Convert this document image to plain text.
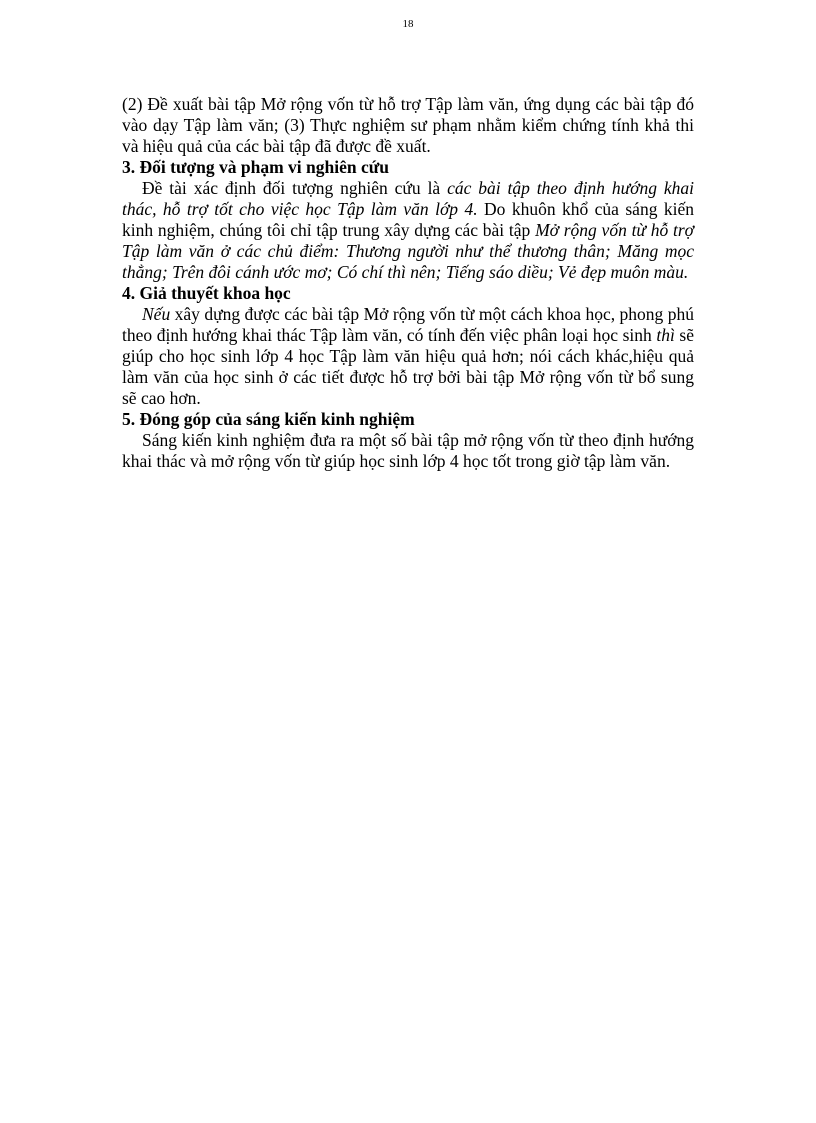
18

(2) Đề xuất bài tập Mở rộng vốn từ hỗ trợ Tập làm văn, ứng dụng các bài tập đó vào dạy Tập làm văn; (3) Thực nghiệm sư phạm nhằm kiểm chứng tính khả thi và hiệu quả của các bài tập đã được đề xuất.

3. Đối tượng và phạm vi nghiên cứu

Đề tài xác định đối tượng nghiên cứu là các bài tập theo định hướng khai thác, hỗ trợ tốt cho việc học Tập làm văn lớp 4. Do khuôn khổ của sáng kiến kinh nghiệm, chúng tôi chỉ tập trung xây dựng các bài tập Mở rộng vốn từ hỗ trợ Tập làm văn ở các chủ điểm: Thương người như thể thương thân; Măng mọc thẳng; Trên đôi cánh ước mơ; Có chí thì nên; Tiếng sáo diều; Vẻ đẹp muôn màu.

4. Giả thuyết khoa học

Nếu xây dựng được các bài tập Mở rộng vốn từ một cách khoa học, phong phú theo định hướng khai thác Tập làm văn, có tính đến việc phân loại học sinh thì sẽ giúp cho học sinh lớp 4 học Tập làm văn hiệu quả hơn; nói cách khác,hiệu quả làm văn của học sinh ở các tiết được hỗ trợ bởi bài tập Mở rộng vốn từ bổ sung sẽ cao hơn.

5. Đóng góp của sáng kiến kinh nghiệm

Sáng kiến kinh nghiệm đưa ra một số bài tập mở rộng vốn từ theo định hướng khai thác và mở rộng vốn từ giúp học sinh lớp 4 học tốt trong giờ tập làm văn.
